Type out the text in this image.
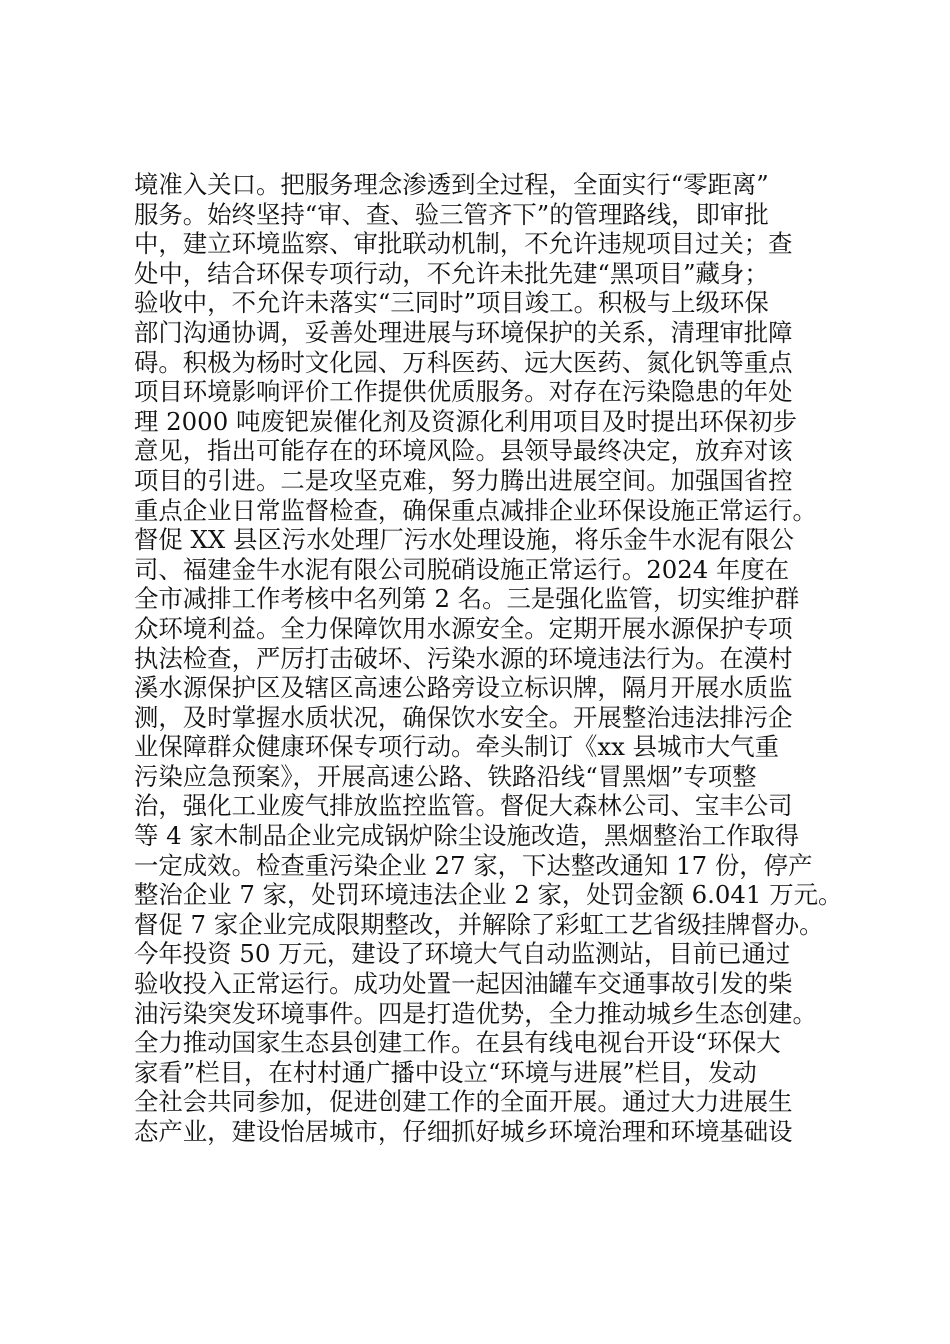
境准入关口。把服务理念渗透到全过程，全面实行“零距离”
服务。始终坚持“审、查、验三管齐下”的管理路线，即审批
中，建立环境监察、审批联动机制，不允许违规项目过关；查
处中，结合环保专项行动，不允许未批先建“黑项目”藏身；
验收中，不允许未落实“三同时”项目竣工。积极与上级环保
部门沟通协调，妥善处理进展与环境保护的关系，清理审批障
碍。积极为杨时文化园、万科医药、远大医药、氮化钒等重点
项目环境影响评价工作提供优质服务。对存在污染隐患的年处
理 2000 吨废钯炭催化剂及资源化利用项目及时提出环保初步
意见，指出可能存在的环境风险。县领导最终决定，放弃对该
项目的引进。二是攻坚克难，努力腾出进展空间。加强国省控
重点企业日常监督检查，确保重点减排企业环保设施正常运行。
督促 XX 县区污水处理厂污水处理设施，将乐金牛水泥有限公
司、福建金牛水泥有限公司脱硝设施正常运行。2024 年度在
全市减排工作考核中名列第 2 名。三是强化监管，切实维护群
众环境利益。全力保障饮用水源安全。定期开展水源保护专项
执法检查，严厉打击破坏、污染水源的环境违法行为。在漠村
溪水源保护区及辖区高速公路旁设立标识牌，隔月开展水质监
测，及时掌握水质状况，确保饮水安全。开展整治违法排污企
业保障群众健康环保专项行动。牵头制订《xx 县城市大气重
污染应急预案》，开展高速公路、铁路沿线“冒黑烟”专项整
治，强化工业废气排放监控监管。督促大森林公司、宝丰公司
等 4 家木制品企业完成锅炉除尘设施改造，黑烟整治工作取得
一定成效。检查重污染企业 27 家，下达整改通知 17 份，停产
整治企业 7 家，处罚环境违法企业 2 家，处罚金额 6.041 万元。
督促 7 家企业完成限期整改，并解除了彩虹工艺省级挂牌督办。
今年投资 50 万元，建设了环境大气自动监测站，目前已通过
验收投入正常运行。成功处置一起因油罐车交通事故引发的柴
油污染突发环境事件。四是打造优势，全力推动城乡生态创建。
全力推动国家生态县创建工作。在县有线电视台开设“环保大
家看”栏目，在村村通广播中设立“环境与进展”栏目，发动
全社会共同参加，促进创建工作的全面开展。通过大力进展生
态产业，建设怡居城市，仔细抓好城乡环境治理和环境基础设
